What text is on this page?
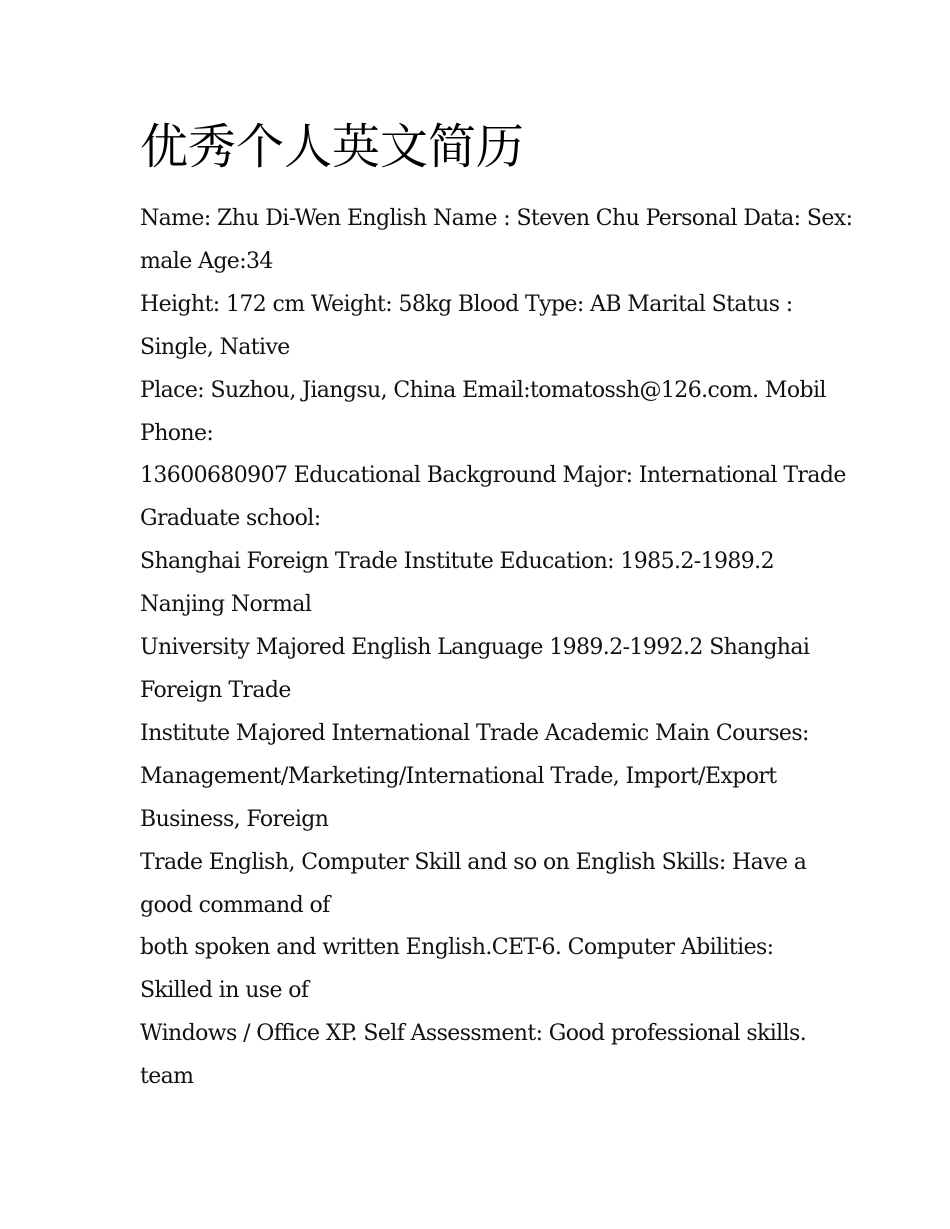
优秀个人英文简历
Name: Zhu Di-Wen English Name : Steven Chu Personal Data: Sex:
male Age:34
Height: 172 cm Weight: 58kg Blood Type: AB Marital Status :
Single, Native
Place: Suzhou, Jiangsu, China Email:tomatossh@126.com. Mobil
Phone:
13600680907 Educational Background Major: International Trade
Graduate school:
Shanghai Foreign Trade Institute Education: 1985.2-1989.2
Nanjing Normal
University Majored English Language 1989.2-1992.2 Shanghai
Foreign Trade
Institute Majored International Trade Academic Main Courses:
Management/Marketing/International Trade, Import/Export
Business, Foreign
Trade English, Computer Skill and so on English Skills: Have a
good command of
both spoken and written English.CET-6. Computer Abilities:
Skilled in use of
Windows / Office XP. Self Assessment: Good professional skills.
team
